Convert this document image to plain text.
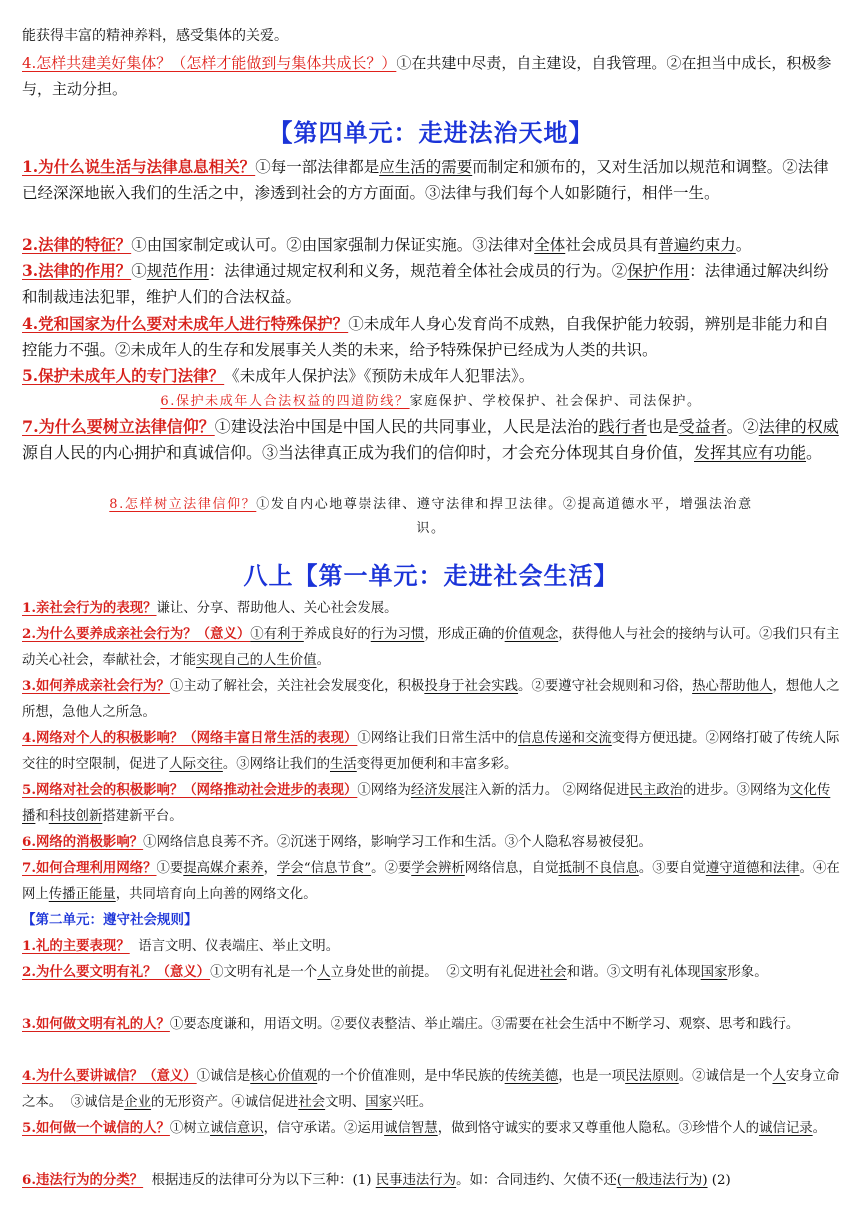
能获得丰富的精神养料，感受集体的关爱。

4.怎样共建美好集体？（怎样才能做到与集体共成长？）①在共建中尽责，自主建设，自我管理。②在担当中成长，积极参与，主动分担。

【第四单元：走进法治天地】

1.为什么说生活与法律息息相关？①每一部法律都是应生活的需要而制定和颁布的，又对生活加以规范和调整。②法律已经深深地嵌入我们的生活之中，渗透到社会的方方面面。③法律与我们每个人如影随行，相伴一生。

2.法律的特征？①由国家制定或认可。②由国家强制力保证实施。③法律对全体社会成员具有普遍约束力。

3.法律的作用？①规范作用：法律通过规定权利和义务，规范着全体社会成员的行为。②保护作用：法律通过解决纠纷和制裁违法犯罪，维护人们的合法权益。

4.党和国家为什么要对未成年人进行特殊保护？①未成年人身心发育尚不成熟，自我保护能力较弱，辨别是非能力和自控能力不强。②未成年人的生存和发展事关人类的未来，给予特殊保护已经成为人类的共识。

5.保护未成年人的专门法律？《未成年人保护法》《预防未成年人犯罪法》。

6.保护未成年人合法权益的四道防线？家庭保护、学校保护、社会保护、司法保护。

7.为什么要树立法律信仰？①建设法治中国是中国人民的共同事业，人民是法治的践行者也是受益者。②法律的权威源自人民的内心拥护和真诚信仰。③当法律真正成为我们的信仰时，才会充分体现其自身价值，发挥其应有功能。

8.怎样树立法律信仰？①发自内心地尊崇法律、遵守法律和捍卫法律。②提高道德水平，增强法治意
识。

八上【第一单元：走进社会生活】

1.亲社会行为的表现？谦让、分享、帮助他人、关心社会发展。

2.为什么要养成亲社会行为？（意义）①有利于养成良好的行为习惯，形成正确的价值观念，获得他人与社会的接纳与认可。②我们只有主动关心社会，奉献社会，才能实现自己的人生价值。

3.如何养成亲社会行为？①主动了解社会，关注社会发展变化，积极投身于社会实践。②要遵守社会规则和习俗，热心帮助他人，想他人之所想，急他人之所急。

4.网络对个人的积极影响？（网络丰富日常生活的表现）①网络让我们日常生活中的信息传递和交流变得方便迅捷。②网络打破了传统人际交往的时空限制，促进了人际交往。③网络让我们的生活变得更加便利和丰富多彩。

5.网络对社会的积极影响？（网络推动社会进步的表现）①网络为经济发展注入新的活力。 ②网络促进民主政治的进步。③网络为文化传播和科技创新搭建新平台。

6.网络的消极影响？①网络信息良莠不齐。②沉迷于网络，影响学习工作和生活。③个人隐私容易被侵犯。

7.如何合理利用网络？①要提高媒介素养，学会“信息节食”。②要学会辨析网络信息，自觉抵制不良信息。③要自觉遵守道德和法律。④在网上传播正能量，共同培育向上向善的网络文化。

【第二单元：遵守社会规则】

1.礼的主要表现？  语言文明、仪表端庄、举止文明。

2.为什么要文明有礼？（意义）①文明有礼是一个人立身处世的前提。  ②文明有礼促进社会和谐。③文明有礼体现国家形象。

3.如何做文明有礼的人？①要态度谦和，用语文明。②要仪表整洁、举止端庄。③需要在社会生活中不断学习、观察、思考和践行。

4.为什么要讲诚信？（意义）①诚信是核心价值观的一个价值准则，是中华民族的传统美德，也是一项民法原则。②诚信是一个人安身立命之本。  ③诚信是企业的无形资产。④诚信促进社会文明、国家兴旺。

5.如何做一个诚信的人？①树立诚信意识，信守承诺。②运用诚信智慧，做到恪守诚实的要求又尊重他人隐私。③珍惜个人的诚信记录。

6.违法行为的分类？  根据违反的法律可分为以下三种：(1) 民事违法行为。如：合同违约、欠债不还(一般违法行为) (2)
